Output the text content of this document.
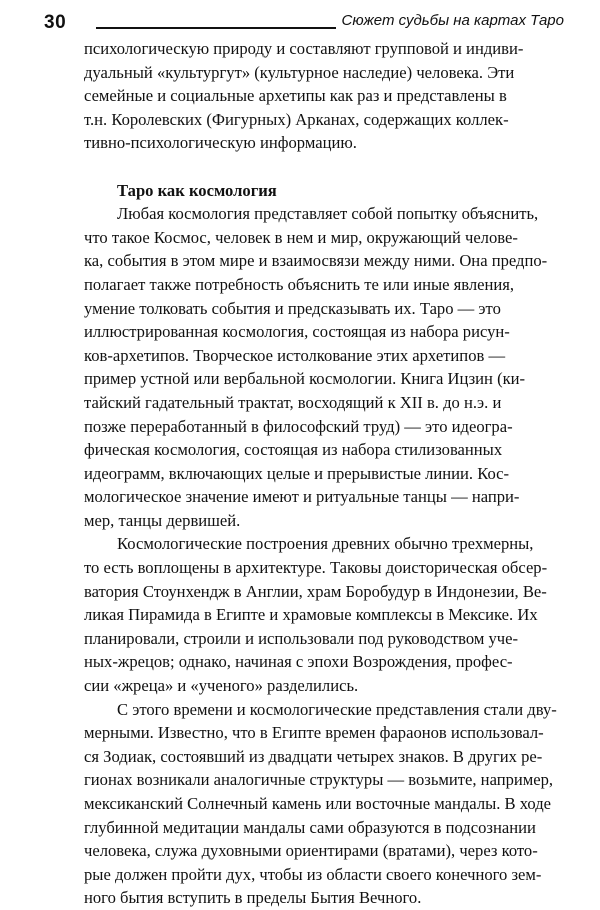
30	Сюжет судьбы на картах Таро
психологическую природу и составляют групповой и индиви-
дуальный «культургут» (культурное наследие) человека. Эти
семейные и социальные архетипы как раз и представлены в
т.н. Королевских (Фигурных) Арканах, содержащих коллек-
тивно-психологическую информацию.
Таро как космология
Любая космология представляет собой попытку объяснить,
что такое Космос, человек в нем и мир, окружающий челове-
ка, события в этом мире и взаимосвязи между ними. Она предпо-
полагает также потребность объяснить те или иные явления,
умение толковать события и предсказывать их. Таро — это
иллюстрированная космология, состоящая из набора рисун-
ков-архетипов. Творческое истолкование этих архетипов —
пример устной или вербальной космологии. Книга Ицзин (ки-
тайский гадательный трактат, восходящий к XII в. до н.э. и
позже переработанный в философский труд) — это идеогра-
фическая космология, состоящая из набора стилизованных
идеограмм, включающих целые и прерывистые линии. Кос-
мологическое значение имеют и ритуальные танцы — напри-
мер, танцы дервишей.
Космологические построения древних обычно трехмерны,
то есть воплощены в архитектуре. Таковы доисторическая обсер-
ватория Стоунхендж в Англии, храм Боробудур в Индонезии, Ве-
ликая Пирамида в Египте и храмовые комплексы в Мексике. Их
планировали, строили и использовали под руководством уче-
ных-жрецов; однако, начиная с эпохи Возрождения, профес-
сии «жреца» и «ученого» разделились.
С этого времени и космологические представления стали дву-
мерными. Известно, что в Египте времен фараонов использовал-
ся Зодиак, состоявший из двадцати четырех знаков. В других ре-
гионах возникали аналогичные структуры — возьмите, например,
мексиканский Солнечный камень или восточные мандалы. В ходе
глубинной медитации мандалы сами образуются в подсознании
человека, служа духовными ориентирами (вратами), через кото-
рые должен пройти дух, чтобы из области своего конечного зем-
ного бытия вступить в пределы Бытия Вечного.
